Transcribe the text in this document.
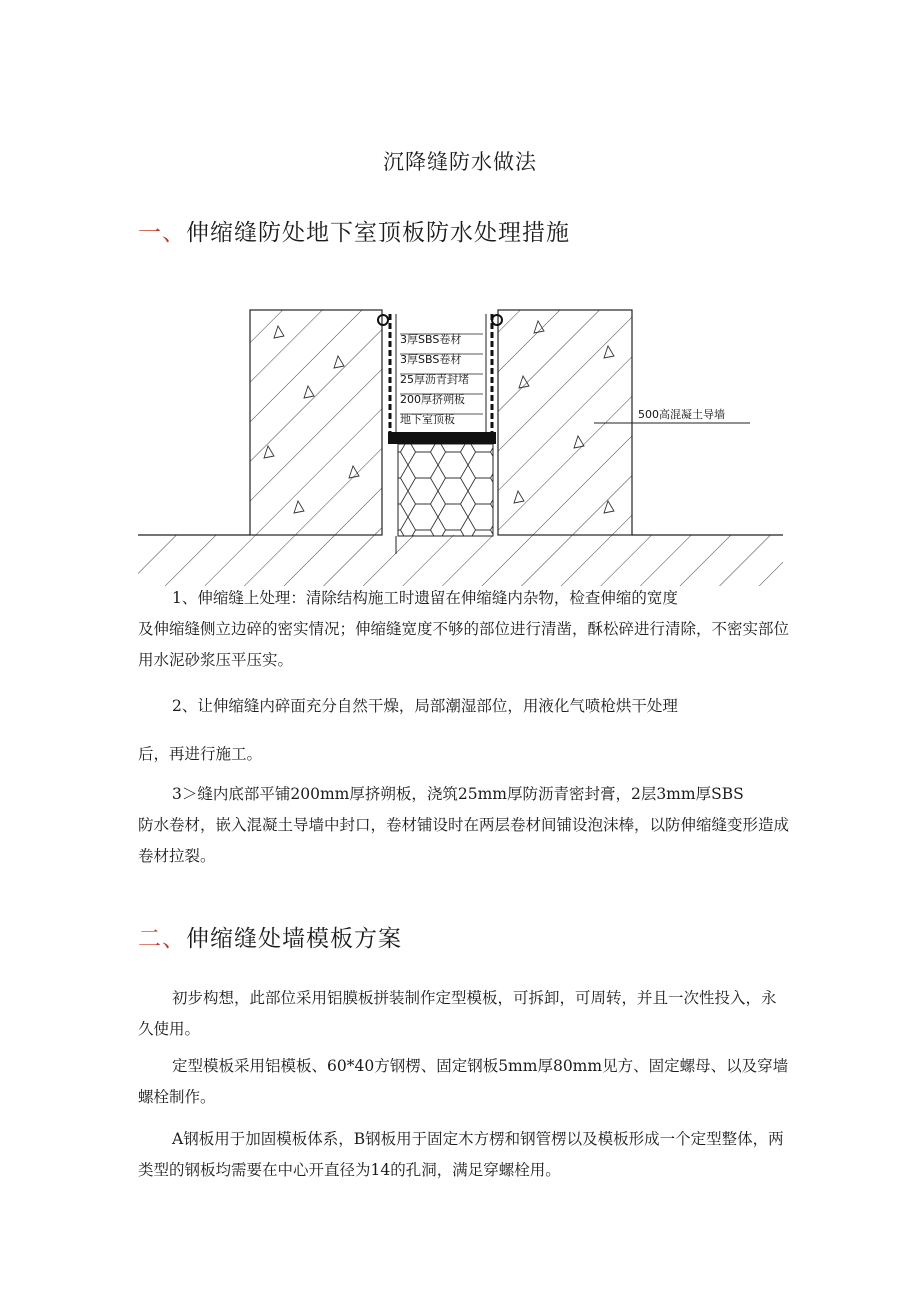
沉降缝防水做法
一、伸缩缝防处地下室顶板防水处理措施
3厚SBS卷材
3厚SBS卷材
25厚沥青封堵
200厚挤朔板
地下室顶板	500高混凝土导墙

1、伸缩缝上处理：清除结构施工时遗留在伸缩缝内杂物，检查伸缩的宽度
及伸缩缝侧立边碎的密实情况；伸缩缝宽度不够的部位进行清凿，酥松碎进行清除，不密实部位用水泥砂浆压平压实。

2、让伸缩缝内碎面充分自然干燥，局部潮湿部位，用液化气喷枪烘干处理

后，再进行施工。

3＞缝内底部平铺200mm厚挤朔板，浇筑25mm厚防沥青密封膏，2层3mm厚SBS
防水卷材，嵌入混凝土导墙中封口，卷材铺设时在两层卷材间铺设泡沫棒，以防伸缩缝变形造成卷材拉裂。

二、伸缩缝处墙模板方案

初步构想，此部位采用铝膜板拼装制作定型模板，可拆卸，可周转，并且一次性投入，永久使用。

定型模板采用铝模板、60*40方钢楞、固定钢板5mm厚80mm见方、固定螺母、以及穿墙螺栓制作。

A钢板用于加固模板体系，B钢板用于固定木方楞和钢管楞以及模板形成一个定型整体，两类型的钢板均需要在中心开直径为14的孔洞，满足穿螺栓用。
